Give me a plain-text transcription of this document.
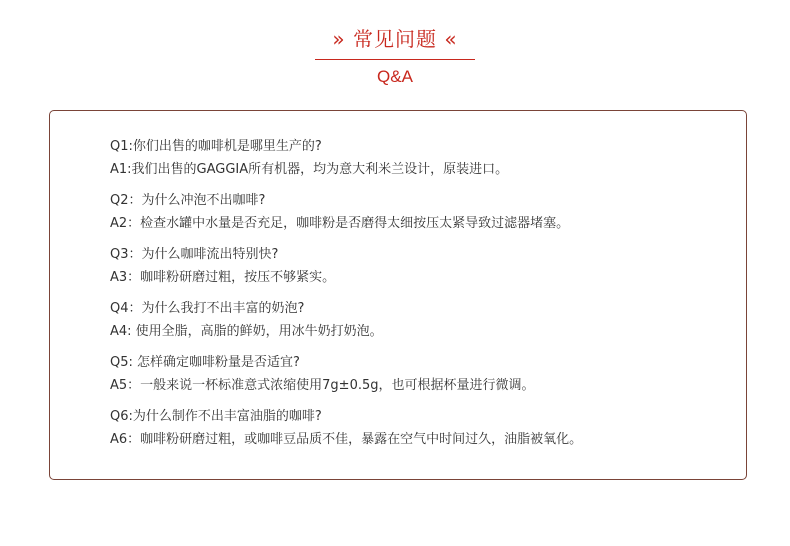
» 常见问题 «
Q&A
Q1:你们出售的咖啡机是哪里生产的?
A1:我们出售的GAGGIA所有机器，均为意大利米兰设计，原装进口。
Q2：为什么冲泡不出咖啡?
A2：检查水罐中水量是否充足，咖啡粉是否磨得太细按压太紧导致过滤器堵塞。
Q3：为什么咖啡流出特别快?
A3：咖啡粉研磨过粗，按压不够紧实。
Q4：为什么我打不出丰富的奶泡?
A4: 使用全脂，高脂的鲜奶，用冰牛奶打奶泡。
Q5: 怎样确定咖啡粉量是否适宜?
A5：一般来说一杯标准意式浓缩使用7g±0.5g，也可根据杯量进行微调。
Q6:为什么制作不出丰富油脂的咖啡?
A6：咖啡粉研磨过粗，或咖啡豆品质不佳，暴露在空气中时间过久，油脂被氧化。
